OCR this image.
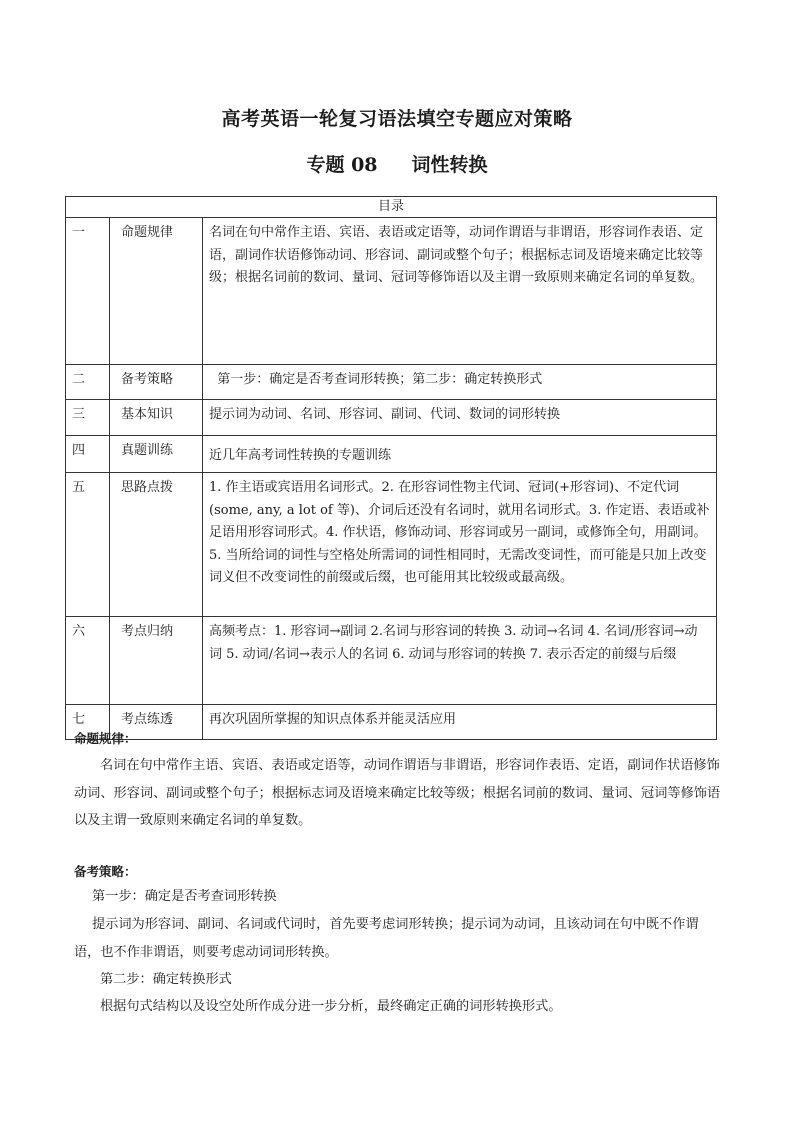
高考英语一轮复习语法填空专题应对策略
专题 08 词性转换
目录		
一	命题规律	名词在句中常作主语、宾语、表语或定语等，动词作谓语与非谓语，形容词作表语、定语，副词作状语修饰动词、形容词、副词或整个句子；根据标志词及语境来确定比较等级；根据名词前的数词、量词、冠词等修饰语以及主谓一致原则来确定名词的单复数。
二	备考策略	第一步：确定是否考查词形转换；第二步：确定转换形式
三	基本知识	提示词为动词、名词、形容词、副词、代词、数词的词形转换
四	真题训练	近几年高考词性转换的专题训练
五	思路点拨	1. 作主语或宾语用名词形式。2. 在形容词性物主代词、冠词(+形容词)、不定代词(some, any, a lot of 等)、介词后还没有名词时，就用名词形式。3. 作定语、表语或补足语用形容词形式。4. 作状语，修饰动词、形容词或另一副词，或修饰全句，用副词。 5. 当所给词的词性与空格处所需词的词性相同时，无需改变词性，而可能是只加上改变词义但不改变词性的前缀或后缀，也可能用其比较级或最高级。
六	考点归纳	高频考点：1. 形容词→副词 2.名词与形容词的转换 3. 动词→名词 4. 名词/形容词→动词 5. 动词/名词→表示人的名词 6. 动词与形容词的转换 7. 表示否定的前缀与后缀
七	考点练透	再次巩固所掌握的知识点体系并能灵活应用
命题规律：
名词在句中常作主语、宾语、表语或定语等，动词作谓语与非谓语，形容词作表语、定语，副词作状语修饰动词、形容词、副词或整个句子；根据标志词及语境来确定比较等级；根据名词前的数词、量词、冠词等修饰语以及主谓一致原则来确定名词的单复数。
备考策略：
第一步：确定是否考查词形转换
提示词为形容词、副词、名词或代词时，首先要考虑词形转换；提示词为动词，且该动词在句中既不作谓语，也不作非谓语，则要考虑动词词形转换。
第二步：确定转换形式
根据句式结构以及设空处所作成分进一步分析，最终确定正确的词形转换形式。
